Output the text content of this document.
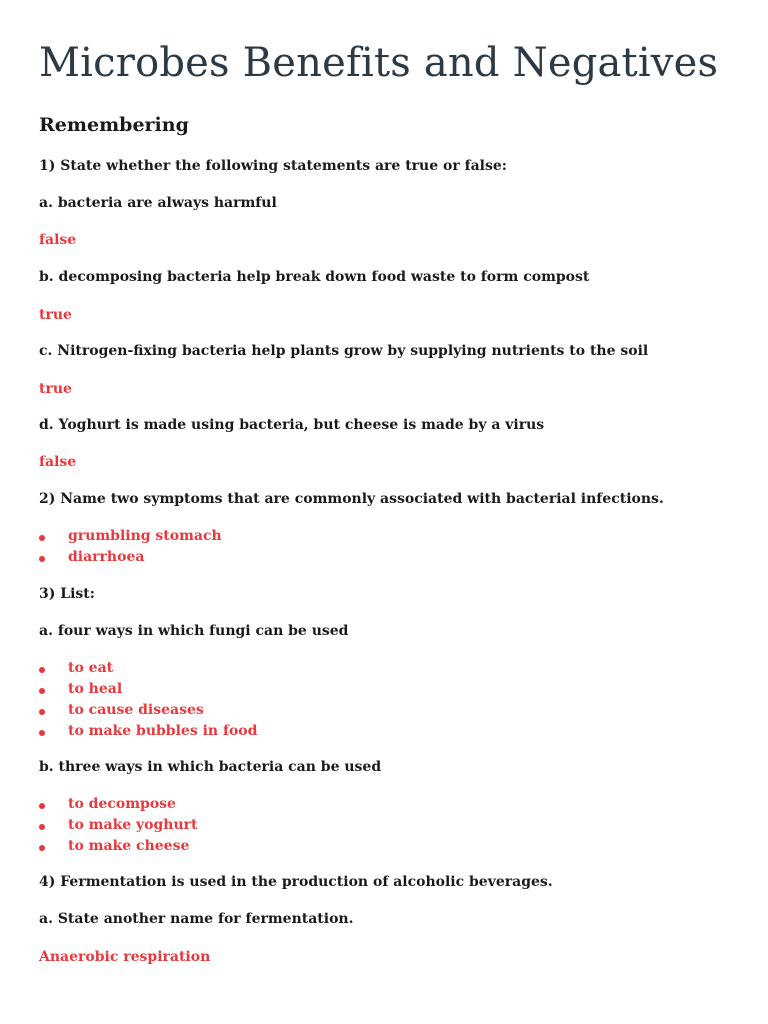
Microbes Benefits and Negatives
Remembering
1) State whether the following statements are true or false:
a. bacteria are always harmful
false
b. decomposing bacteria help break down food waste to form compost
true
c. Nitrogen-fixing bacteria help plants grow by supplying nutrients to the soil
true
d. Yoghurt is made using bacteria, but cheese is made by a virus
false
2) Name two symptoms that are commonly associated with bacterial infections.
grumbling stomach
diarrhoea
3) List:
a. four ways in which fungi can be used
to eat
to heal
to cause diseases
to make bubbles in food
b. three ways in which bacteria can be used
to decompose
to make yoghurt
to make cheese
4) Fermentation is used in the production of alcoholic beverages.
a. State another name for fermentation.
Anaerobic respiration
